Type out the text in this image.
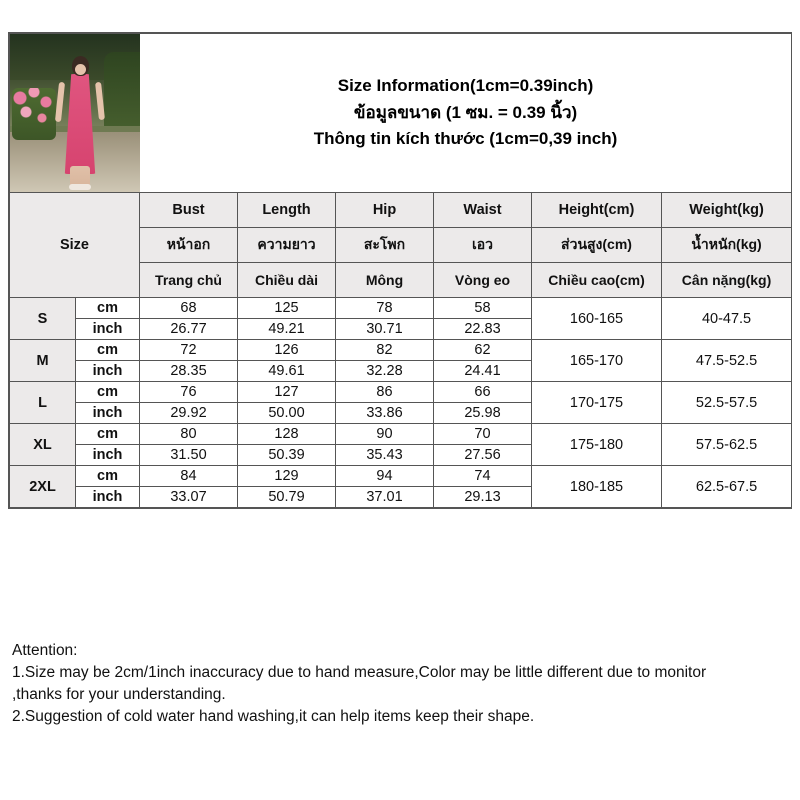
		Size Information(1cm=0.39inch)
ข้อมูลขนาด (1 ซม. = 0.39 นิ้ว)
Thông tin kích thước (1cm=0,39 inch)					

Size		Bust	Length	Hip	Waist	Height(cm)	Weight(kg)
		หน้าอก	ความยาว	สะโพก	เอว	ส่วนสูง(cm)	น้ำหนัก(kg)
		Trang chủ	Chiều dài	Mông	Vòng eo	Chiều cao(cm)	Cân nặng(kg)
S	cm	68	125	78	58	160-165	40-47.5
	inch	26.77	49.21	30.71	22.83		
M	cm	72	126	82	62	165-170	47.5-52.5
	inch	28.35	49.61	32.28	24.41		
L	cm	76	127	86	66	170-175	52.5-57.5
	inch	29.92	50.00	33.86	25.98		
XL	cm	80	128	90	70	175-180	57.5-62.5
	inch	31.50	50.39	35.43	27.56		
2XL	cm	84	129	94	74	180-185	62.5-67.5
	inch	33.07	50.79	37.01	29.13		
Attention:
1.Size may be 2cm/1inch inaccuracy due to hand measure,Color may be little different due to monitor
,thanks for your understanding.
2.Suggestion of cold water hand washing,it can help items keep their shape.
